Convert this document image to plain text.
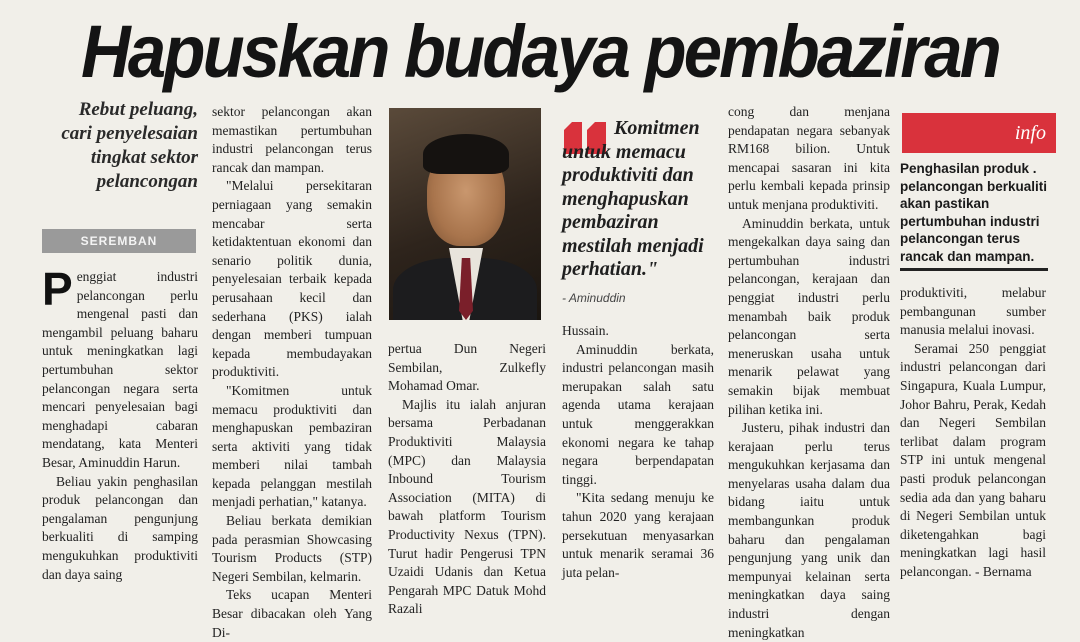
Hapuskan budaya pembaziran
Rebut peluang, cari penyelesaian tingkat sektor pelancongan
SEREMBAN

Penggiat industri pelancongan perlu mengenal pasti dan mengambil peluang baharu untuk meningkatkan lagi pertumbuhan sektor pelancongan negara serta mencari penyelesaian bagi menghadapi cabaran mendatang, kata Menteri Besar, Aminuddin Harun.

Beliau yakin penghasilan produk pelancongan dan pengalaman pengunjung berkualiti di samping mengukuhkan produktiviti dan daya saing

sektor pelancongan akan memastikan pertumbuhan industri pelancongan terus rancak dan mampan.

"Melalui persekitaran perniagaan yang semakin mencabar serta ketidaktentuan ekonomi dan senario politik dunia, penyelesaian terbaik kepada perusahaan kecil dan sederhana (PKS) ialah dengan memberi tumpuan kepada membudayakan produktiviti.

"Komitmen untuk memacu produktiviti dan menghapuskan pembaziran serta aktiviti yang tidak memberi nilai tambah kepada pelanggan mestilah menjadi perhatian," katanya.

Beliau berkata demikian pada perasmian Showcasing Tourism Products (STP) Negeri Sembilan, kelmarin.

Teks ucapan Menteri Besar dibacakan oleh Yang Di-

pertua Dun Negeri Sembilan, Zulkefly Mohamad Omar.

Majlis itu ialah anjuran bersama Perbadanan Produktiviti Malaysia (MPC) dan Malaysia Inbound Tourism Association (MITA) di bawah platform Tourism Productivity Nexus (TPN). Turut hadir Pengerusi TPN Uzaidi Udanis dan Ketua Pengarah MPC Datuk Mohd Razali

Komitmen untuk memacu produktiviti dan menghapuskan pembaziran mestilah menjadi perhatian."
- Aminuddin

Hussain.

Aminuddin berkata, industri pelancongan masih merupakan salah satu agenda utama kerajaan untuk menggerakkan ekonomi negara ke tahap negara berpendapatan tinggi.

"Kita sedang menuju ke tahun 2020 yang kerajaan persekutuan menyasarkan untuk menarik seramai 36 juta pelan-

cong dan menjana pendapatan negara sebanyak RM168 bilion. Untuk mencapai sasaran ini kita perlu kembali kepada prinsip untuk menjana produktiviti.

Aminuddin berkata, untuk mengekalkan daya saing dan pertumbuhan industri pelancongan, kerajaan dan penggiat industri perlu menambah baik produk pelancongan serta meneruskan usaha untuk menarik pelawat yang semakin bijak membuat pilihan ketika ini.

Justeru, pihak industri dan kerajaan perlu terus mengukuhkan kerjasama dan menyelaras usaha dalam dua bidang iaitu untuk membangunkan produk baharu dan pengalaman pengunjung yang unik dan mempunyai kelainan serta meningkatkan daya saing industri dengan meningkatkan

info
Penghasilan produk . pelancongan berkualiti akan pastikan pertumbuhan industri pelancongan terus rancak dan mampan.

produktiviti, melabur pembangunan sumber manusia melalui inovasi.

Seramai 250 penggiat industri pelancongan dari Singapura, Kuala Lumpur, Johor Bahru, Perak, Kedah dan Negeri Sembilan terlibat dalam program STP ini untuk mengenal pasti produk pelancongan sedia ada dan yang baharu di Negeri Sembilan untuk diketengahkan bagi meningkatkan lagi hasil pelancongan. - Bernama
